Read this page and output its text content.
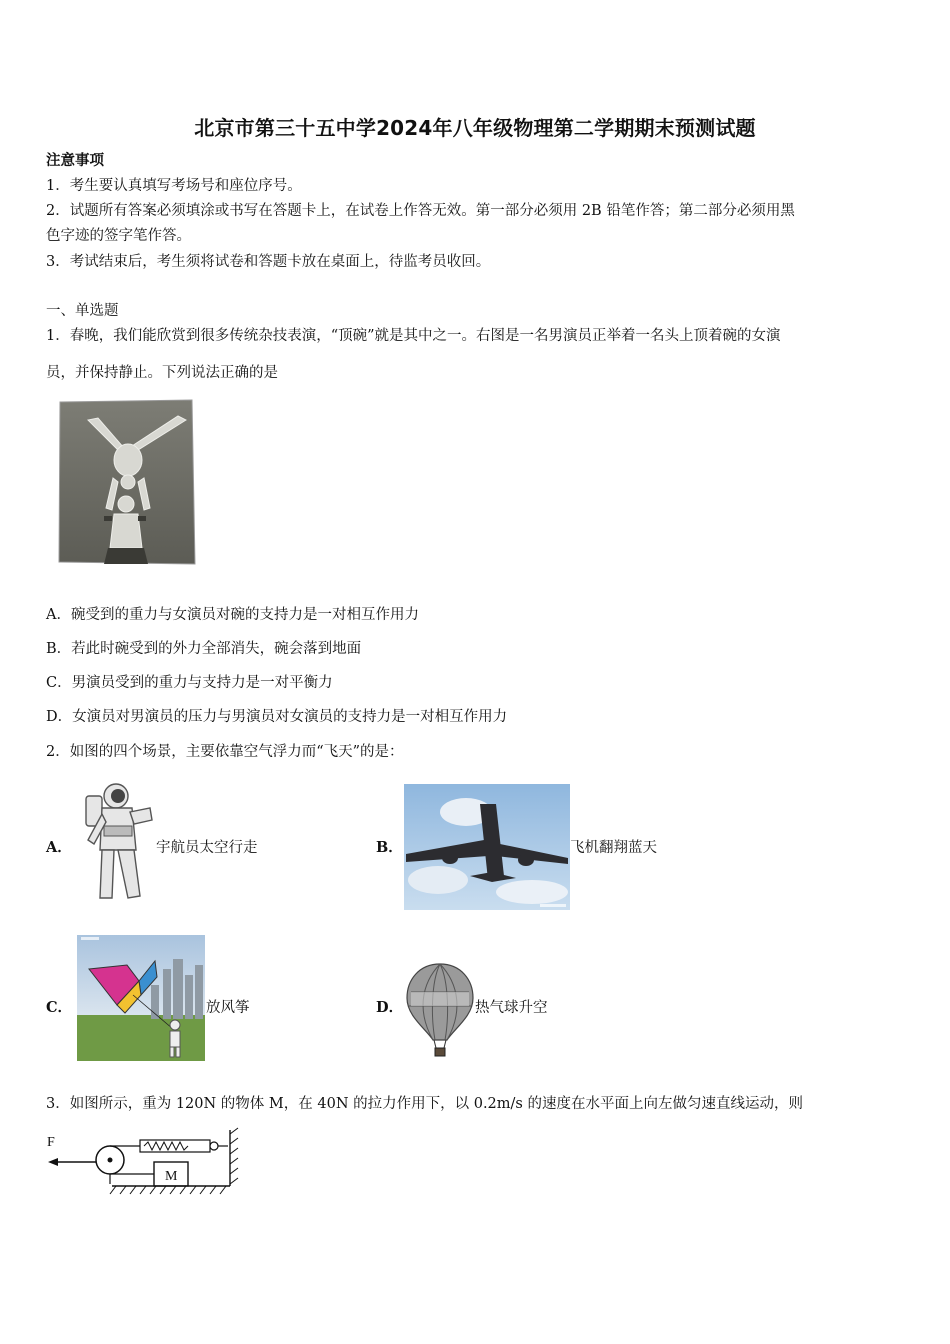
北京市第三十五中学2024年八年级物理第二学期期末预测试题
注意事项
1．考生要认真填写考场号和座位序号。
2．试题所有答案必须填涂或书写在答题卡上，在试卷上作答无效。第一部分必须用 2B 铅笔作答；第二部分必须用黑
色字迹的签字笔作答。
3．考试结束后，考生须将试卷和答题卡放在桌面上，待监考员收回。
一、单选题
1．春晚，我们能欣赏到很多传统杂技表演，“顶碗”就是其中之一。右图是一名男演员正举着一名头上顶着碗的女演
员，并保持静止。下列说法正确的是
A．碗受到的重力与女演员对碗的支持力是一对相互作用力
B．若此时碗受到的外力全部消失，碗会落到地面
C．男演员受到的重力与支持力是一对平衡力
D．女演员对男演员的压力与男演员对女演员的支持力是一对相互作用力
2．如图的四个场景，主要依靠空气浮力而“飞天”的是：
A．	宇航员太空行走	B．	飞机翻翔蓝天
C．	放风筝	D．	热气球升空
3．如图所示，重为 120N 的物体 M，在 40N 的拉力作用下，以 0.2m/s 的速度在水平面上向左做匀速直线运动，则
F
M
